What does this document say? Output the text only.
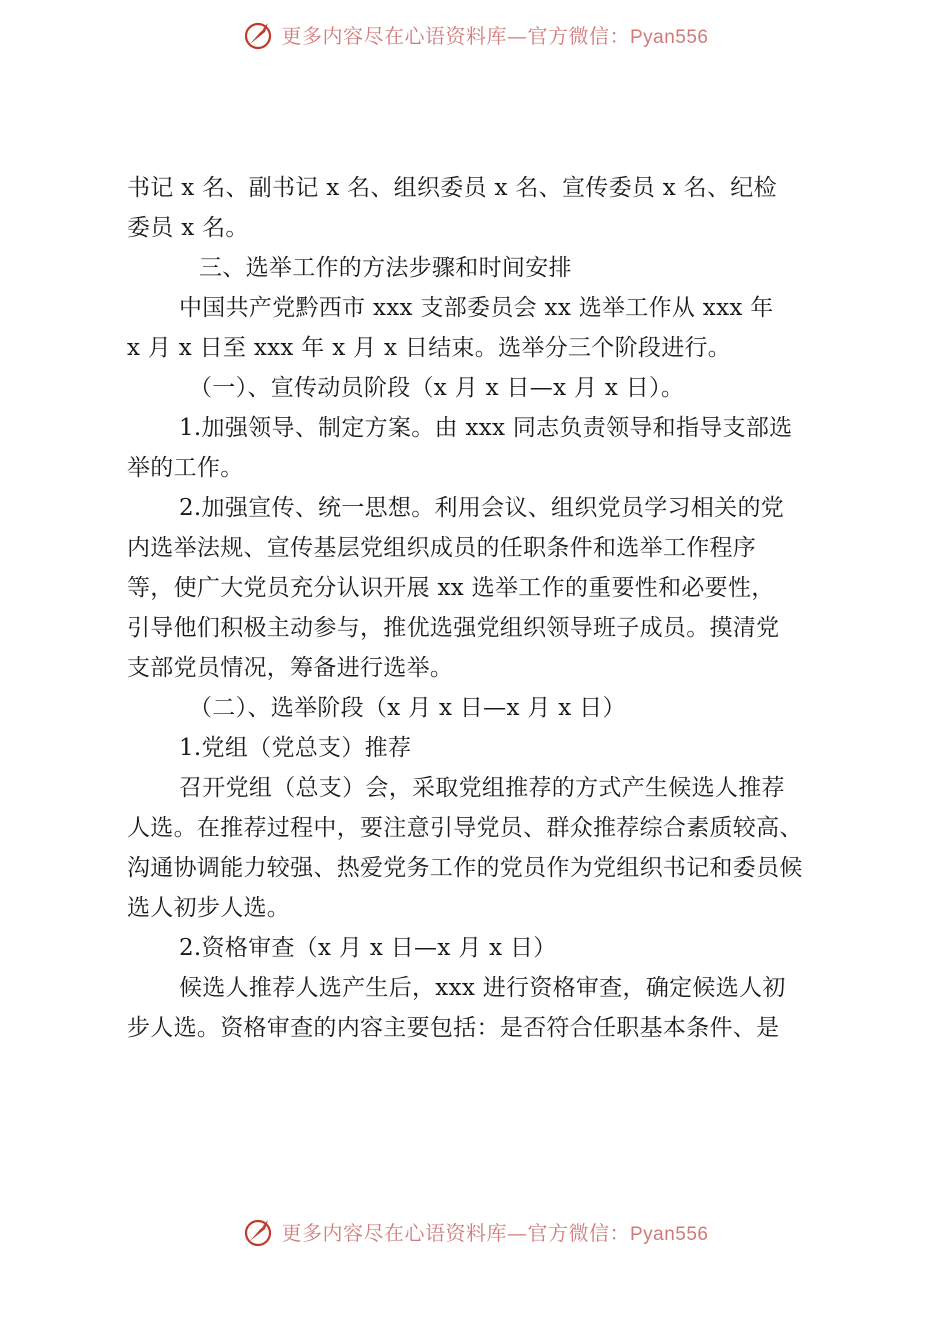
更多内容尽在心语资料库—官方微信：Pyan556
书记 x 名、副书记 x 名、组织委员 x 名、宣传委员 x 名、纪检
委员 x 名。
三、选举工作的方法步骤和时间安排
中国共产党黔西市 xxx 支部委员会 xx 选举工作从 xxx 年
x 月 x 日至 xxx 年 x 月 x 日结束。选举分三个阶段进行。
（一）、宣传动员阶段（x 月 x 日—x 月 x 日）。
1.加强领导、制定方案。由 xxx 同志负责领导和指导支部选
举的工作。
2.加强宣传、统一思想。利用会议、组织党员学习相关的党
内选举法规、宣传基层党组织成员的任职条件和选举工作程序
等，使广大党员充分认识开展 xx 选举工作的重要性和必要性，
引导他们积极主动参与，推优选强党组织领导班子成员。摸清党
支部党员情况，筹备进行选举。
（二）、选举阶段（x 月 x 日—x 月 x 日）
1.党组（党总支）推荐
召开党组（总支）会，采取党组推荐的方式产生候选人推荐
人选。在推荐过程中，要注意引导党员、群众推荐综合素质较高、
沟通协调能力较强、热爱党务工作的党员作为党组织书记和委员候
选人初步人选。
2.资格审查（x 月 x 日—x 月 x 日）
候选人推荐人选产生后，xxx 进行资格审查，确定候选人初
步人选。资格审查的内容主要包括：是否符合任职基本条件、是
更多内容尽在心语资料库—官方微信：Pyan556
